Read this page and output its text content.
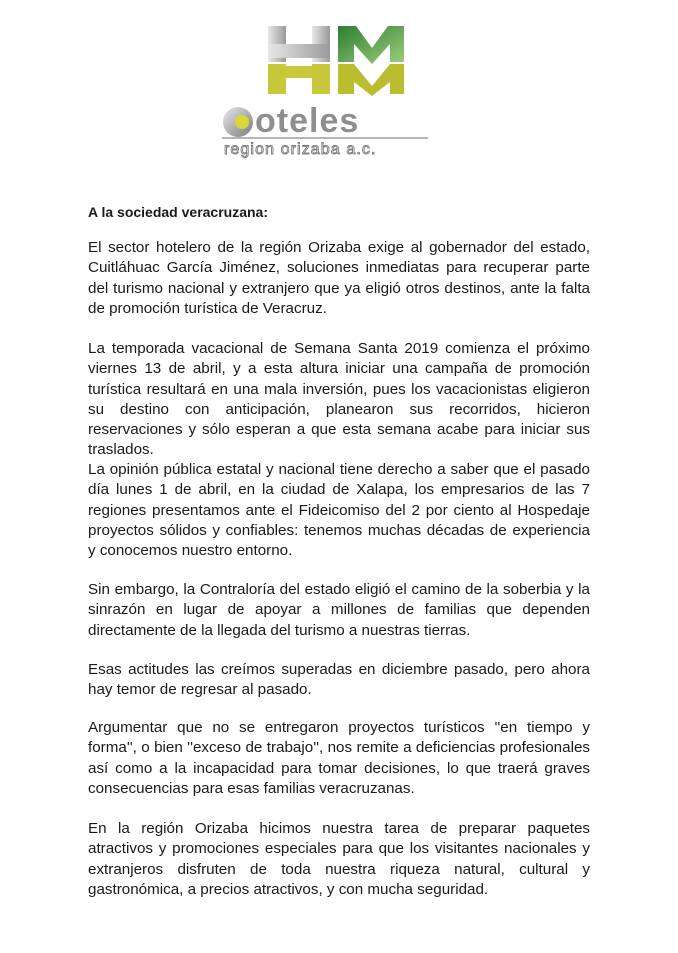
oteles
region orizaba a.c.

A la sociedad veracruzana:

El sector hotelero de la región Orizaba exige al gobernador del estado, Cuitláhuac García Jiménez, soluciones inmediatas para recuperar parte del turismo nacional y extranjero que ya eligió otros destinos, ante la falta de promoción turística de Veracruz.

La temporada vacacional de Semana Santa 2019 comienza el próximo viernes 13 de abril, y a esta altura iniciar una campaña de promoción turística resultará en una mala inversión, pues los vacacionistas eligieron su destino con anticipación, planearon sus recorridos, hicieron reservaciones y sólo esperan a que esta semana acabe para iniciar sus traslados.

La opinión pública estatal y nacional tiene derecho a saber que el pasado día lunes 1 de abril, en la ciudad de Xalapa, los empresarios de las 7 regiones presentamos ante el Fideicomiso del 2 por ciento al Hospedaje proyectos sólidos y confiables: tenemos muchas décadas de experiencia y conocemos nuestro entorno.

Sin embargo, la Contraloría del estado eligió el camino de la soberbia y la sinrazón en lugar de apoyar a millones de familias que dependen directamente de la llegada del turismo a nuestras tierras.

Esas actitudes las creímos superadas en diciembre pasado, pero ahora hay temor de regresar al pasado.

Argumentar que no se entregaron proyectos turísticos ''en tiempo y forma'', o bien ''exceso de trabajo'', nos remite a deficiencias profesionales así como a la incapacidad para tomar decisiones, lo que traerá graves consecuencias para esas familias veracruzanas.

En la región Orizaba hicimos nuestra tarea de preparar paquetes atractivos y promociones especiales para que los visitantes nacionales y extranjeros disfruten de toda nuestra riqueza natural, cultural y gastronómica, a precios atractivos, y con mucha seguridad.
